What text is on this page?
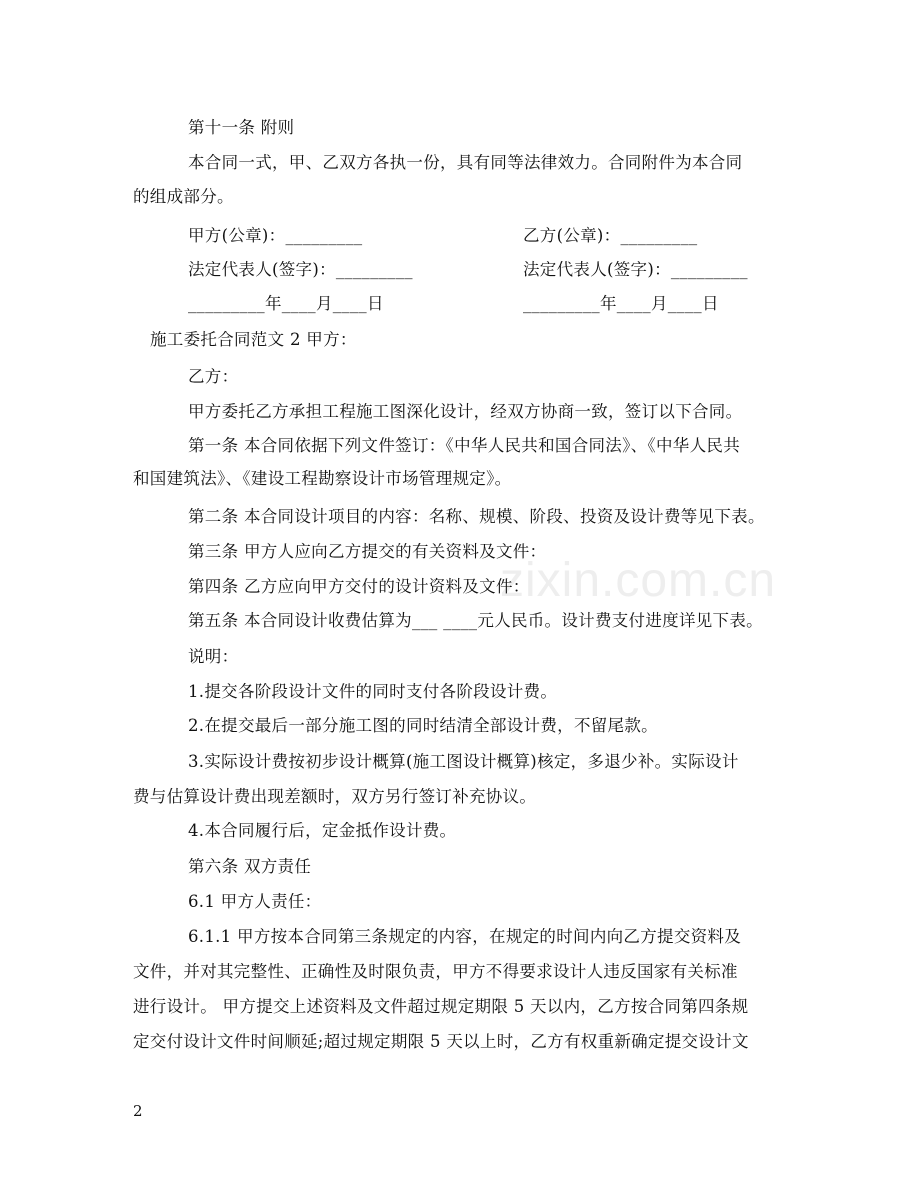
zixin.com.cn
第十一条 附则
本合同一式，甲、乙双方各执一份，具有同等法律效力。合同附件为本合同
的组成部分。
甲方(公章)：_________	乙方(公章)：_________
法定代表人(签字)：_________	法定代表人(签字)：_________
_________年____月____日	_________年____月____日
施工委托合同范文 2 甲方：
乙方：
甲方委托乙方承担工程施工图深化设计，经双方协商一致，签订以下合同。
第一条 本合同依据下列文件签订：《中华人民共和国合同法》、《中华人民共
和国建筑法》、《建设工程勘察设计市场管理规定》。
第二条 本合同设计项目的内容：名称、规模、阶段、投资及设计费等见下表。
第三条 甲方人应向乙方提交的有关资料及文件：
第四条 乙方应向甲方交付的设计资料及文件：
第五条 本合同设计收费估算为___ ____元人民币。设计费支付进度详见下表。
说明：
1.提交各阶段设计文件的同时支付各阶段设计费。
2.在提交最后一部分施工图的同时结清全部设计费，不留尾款。
3.实际设计费按初步设计概算(施工图设计概算)核定，多退少补。实际设计
费与估算设计费出现差额时，双方另行签订补充协议。
4.本合同履行后，定金抵作设计费。
第六条 双方责任
6.1 甲方人责任：
6.1.1 甲方按本合同第三条规定的内容，在规定的时间内向乙方提交资料及
文件，并对其完整性、正确性及时限负责，甲方不得要求设计人违反国家有关标准
进行设计。 甲方提交上述资料及文件超过规定期限 5 天以内，乙方按合同第四条规
定交付设计文件时间顺延;超过规定期限 5 天以上时，乙方有权重新确定提交设计文
2
